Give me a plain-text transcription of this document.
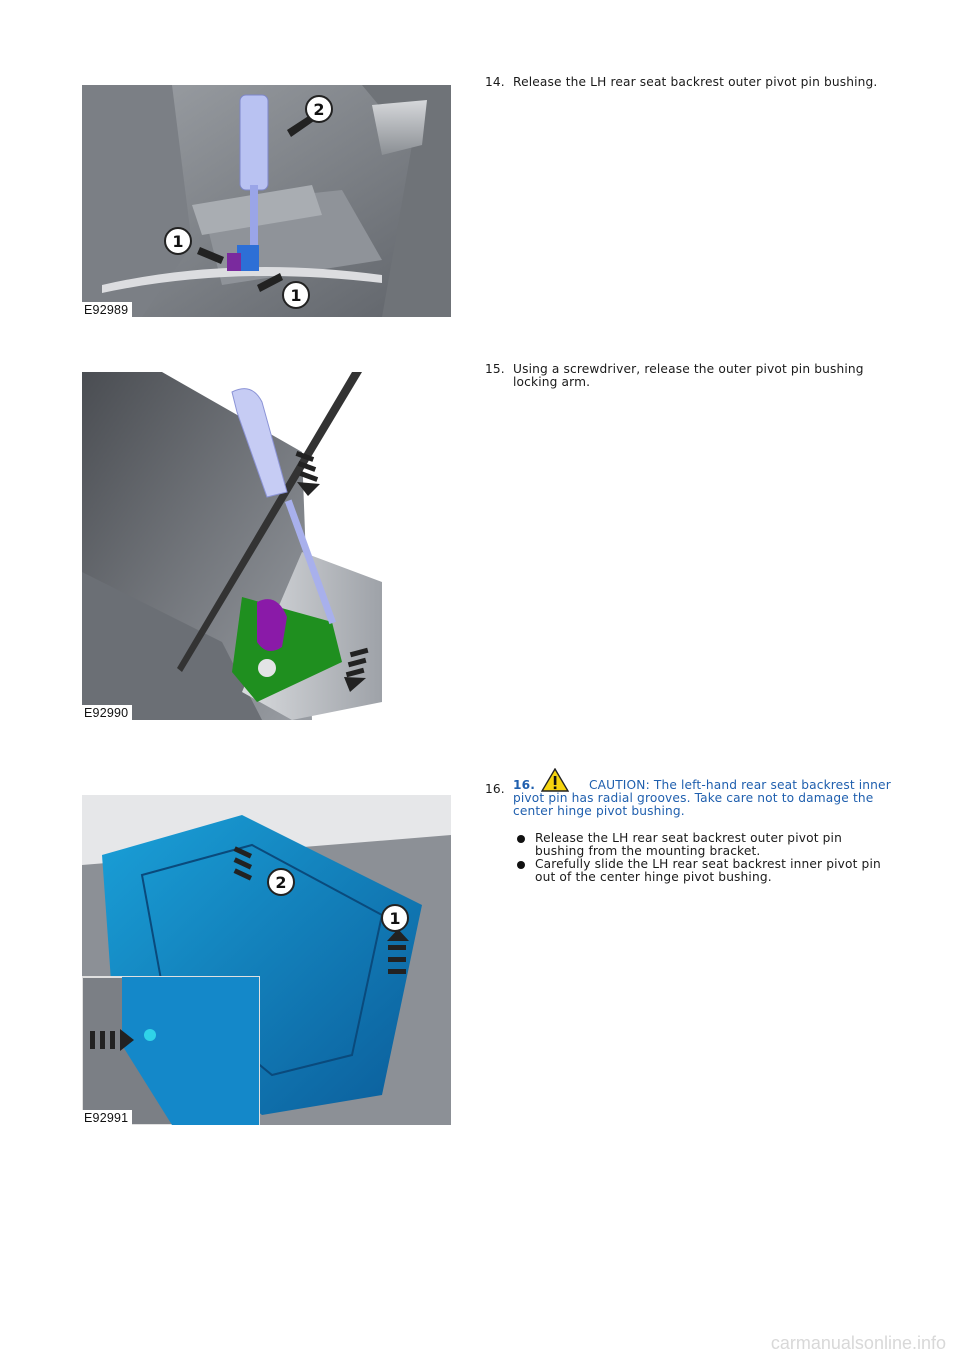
2
1
1
E92989
14. Release the LH rear seat backrest outer pivot pin bushing.
E92990
15. Using a screwdriver, release the outer pivot pin bushing locking arm.
2
1
E92991
16. 16.	CAUTION: The left-hand rear seat backrest inner pivot pin has radial grooves. Take care not to damage the center hinge pivot bushing.
Release the LH rear seat backrest outer pivot pin bushing from the mounting bracket.
Carefully slide the LH rear seat backrest inner pivot pin out of the center hinge pivot bushing.
carmanualsonline.info
